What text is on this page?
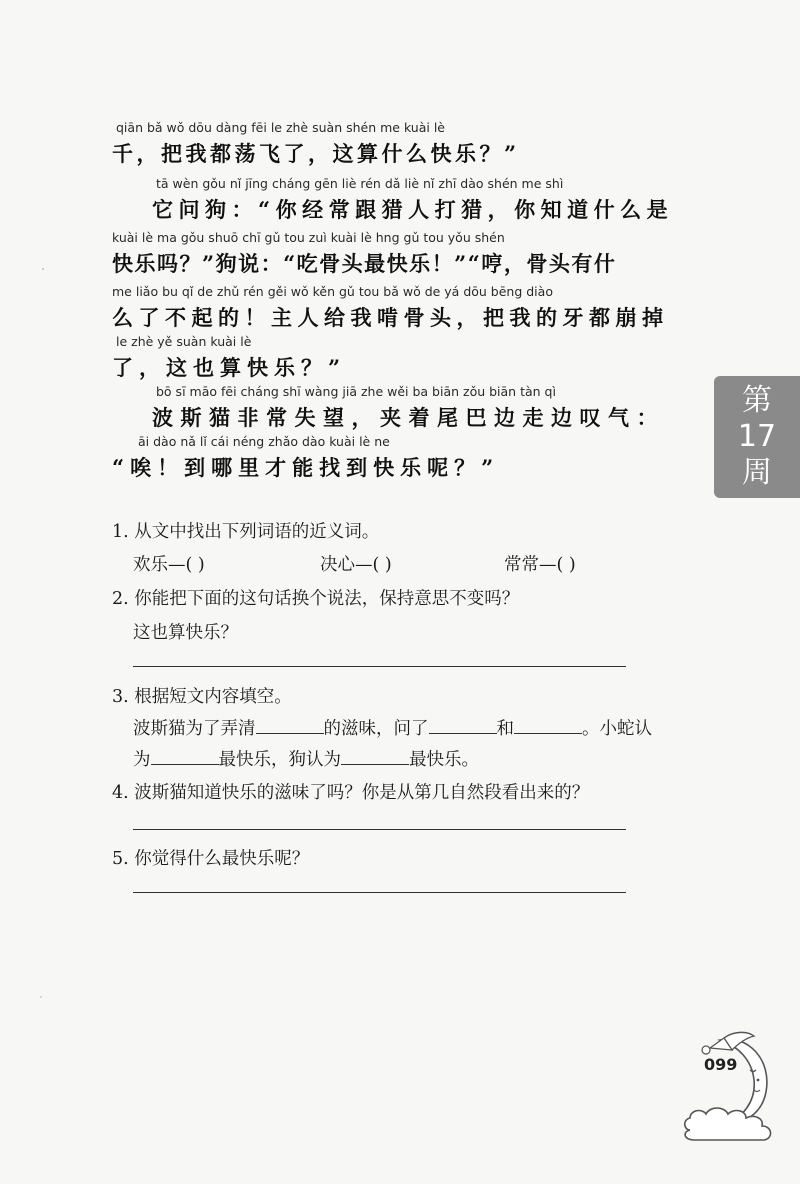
qiān bǎ wǒ dōu dàng fēi le zhè suàn shén me kuài lè
千，把我都荡飞了，这算什么快乐？”
tā wèn gǒu nǐ jīng cháng gēn liè rén dǎ liè nǐ zhī dào shén me shì
它问狗：“你经常跟猎人打猎，你知道什么是
kuài lè ma gǒu shuō chī gǔ tou zuì kuài lè hng gǔ tou yǒu shén
快乐吗？”狗说：“吃骨头最快乐！”“哼，骨头有什
me liǎo bu qǐ de zhǔ rén gěi wǒ kěn gǔ tou bǎ wǒ de yá dōu bēng diào
么了不起的！主人给我啃骨头，把我的牙都崩掉
le zhè yě suàn kuài lè
了，这也算快乐？”
bō sī māo fēi cháng shī wàng jiā zhe wěi ba biān zǒu biān tàn qì
波斯猫非常失望，夹着尾巴边走边叹气：
āi dào nǎ lǐ cái néng zhǎo dào kuài lè ne
“唉！到哪里才能找到快乐呢？”
第
17
周
1. 从文中找出下列词语的近义词。
欢乐—( )	决心—( )	常常—( )
2. 你能把下面的这句话换个说法，保持意思不变吗？
这也算快乐？
3. 根据短文内容填空。
波斯猫为了弄清	的滋味，问了	和	。小蛇认
为	最快乐，狗认为	最快乐。
4. 波斯猫知道快乐的滋味了吗？你是从第几自然段看出来的？
5. 你觉得什么最快乐呢？
099
